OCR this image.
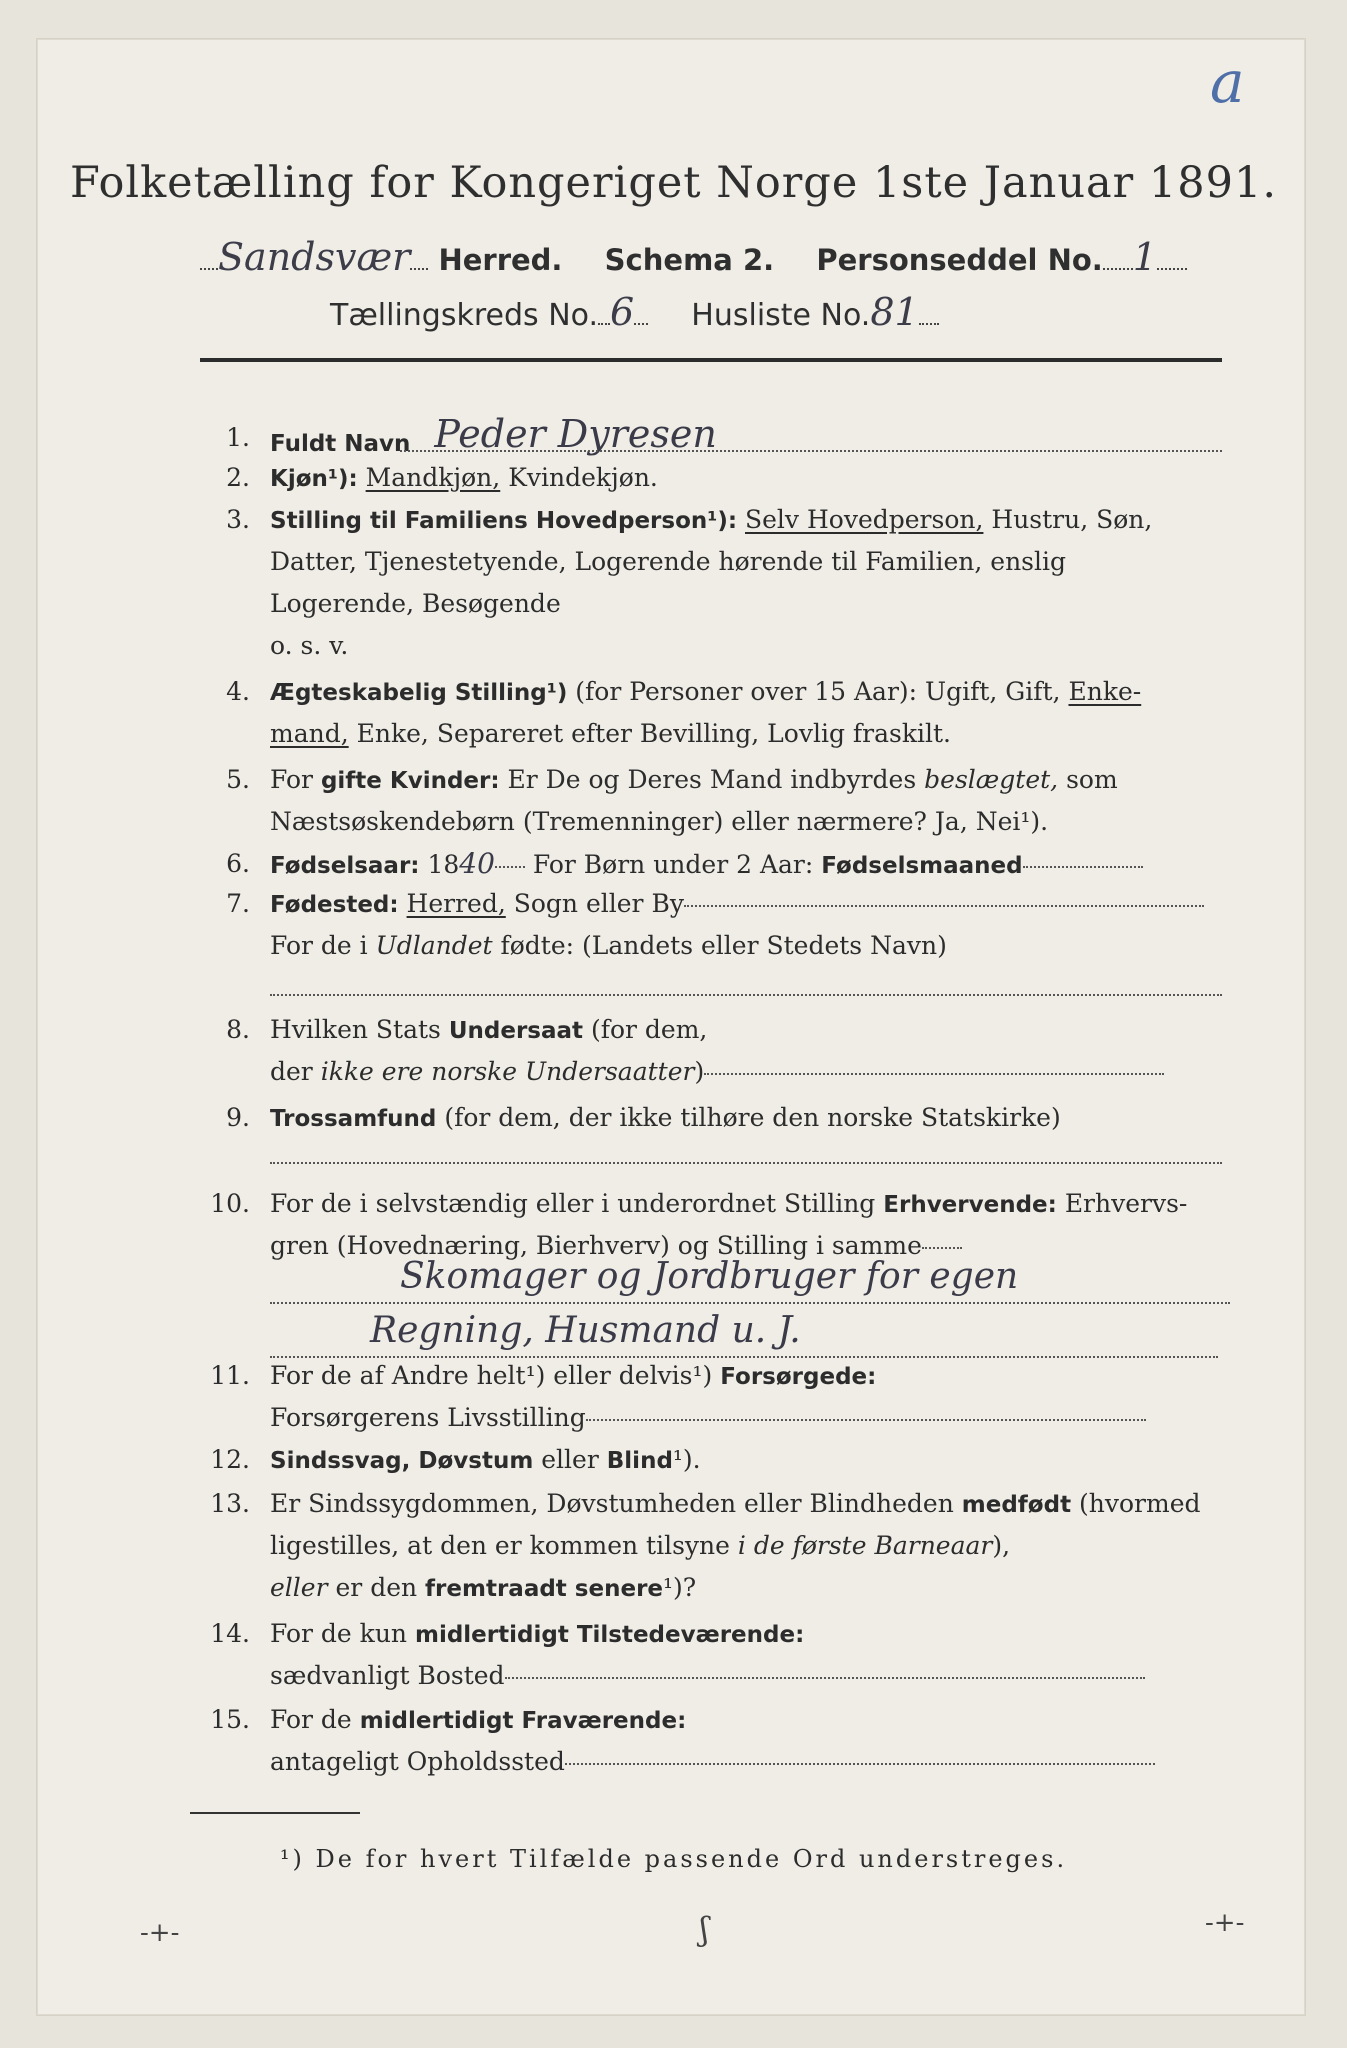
a
Folketælling for Kongeriget Norge 1ste Januar 1891.
Sandsvær Herred. Schema 2. Personseddel No. 1
Tællingskreds No. 6 Husliste No.81
1. Fuldt Navn Peder Dyresen
2. Kjøn¹): Mandkjøn, Kvindekjøn.
3. Stilling til Familiens Hovedperson¹): Selv Hovedperson, Hustru, Søn,
Datter, Tjenestetyende, Logerende hørende til Familien, enslig
Logerende, Besøgende
o. s. v.
4. Ægteskabelig Stilling¹) (for Personer over 15 Aar): Ugift, Gift, Enke-
mand, Enke, Separeret efter Bevilling, Lovlig fraskilt.
5. For gifte Kvinder: Er De og Deres Mand indbyrdes beslægtet, som
Næstsøskendebørn (Tremenninger) eller nærmere? Ja, Nei¹).
6. Fødselsaar: 1840 For Børn under 2 Aar: Fødselsmaaned
7. Fødested: Herred, Sogn eller By
For de i Udlandet fødte: (Landets eller Stedets Navn)
8. Hvilken Stats Undersaat (for dem,
der ikke ere norske Undersaatter)
9. Trossamfund (for dem, der ikke tilhøre den norske Statskirke)
10. For de i selvstændig eller i underordnet Stilling Erhvervende: Erhvervs-
gren (Hovednæring, Bierhverv) og Stilling i samme
Skomager og Jordbruger for egen
Regning, Husmand u. J.
11. For de af Andre helt¹) eller delvis¹) Forsørgede:
Forsørgerens Livsstilling
12. Sindssvag, Døvstum eller Blind¹).
13. Er Sindssygdommen, Døvstumheden eller Blindheden medfødt (hvormed
ligestilles, at den er kommen tilsyne i de første Barneaar),
eller er den fremtraadt senere¹)?
14. For de kun midlertidigt Tilstedeværende:
sædvanligt Bosted
15. For de midlertidigt Fraværende:
antageligt Opholdssted
¹) De for hvert Tilfælde passende Ord understreges.
-+-	-+-
ʃ
